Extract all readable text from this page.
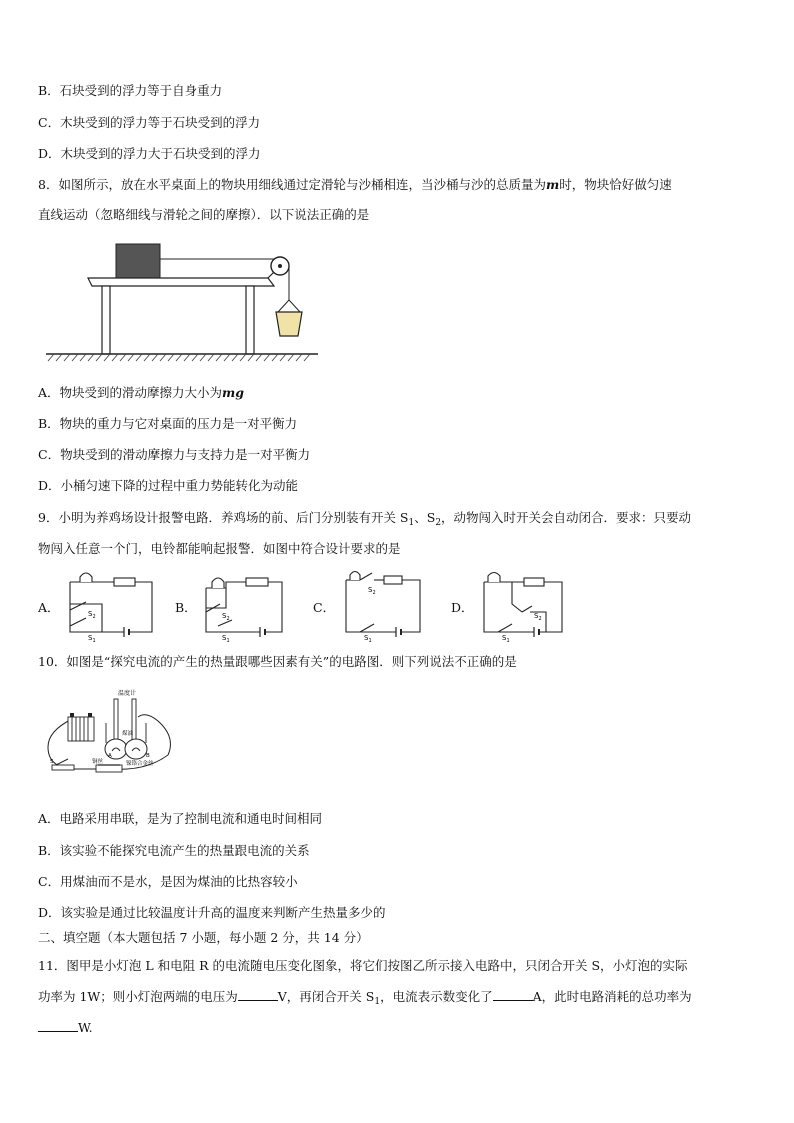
B．石块受到的浮力等于自身重力
C．木块受到的浮力等于石块受到的浮力
D．木块受到的浮力大于石块受到的浮力
8．如图所示，放在水平桌面上的物块用细线通过定滑轮与沙桶相连，当沙桶与沙的总质量为m时，物块恰好做匀速
直线运动（忽略细线与滑轮之间的摩擦）．以下说法正确的是
A．物块受到的滑动摩擦力大小为mg
B．物块的重力与它对桌面的压力是一对平衡力
C．物块受到的滑动摩擦力与支持力是一对平衡力
D．小桶匀速下降的过程中重力势能转化为动能
9．小明为养鸡场设计报警电路．养鸡场的前、后门分别装有开关 $S_1$、$S_2$，动物闯入时开关会自动闭合．要求：只要动
物闯入任意一个门，电铃都能响起报警．如图中符合设计要求的是
A．	B．	C．	D．
$S_2$
$S_1$
$S_2$
$S_1$
$S_2$
$S_1$
$S_2$
$S_1$
10．如图是“探究电流的产生的热量跟哪些因素有关”的电路图．则下列说法不正确的是
温度计
煤油
铜丝	镍铬合金丝
A	B
S
A．电路采用串联，是为了控制电流和通电时间相同
B．该实验不能探究电流产生的热量跟电流的关系
C．用煤油而不是水，是因为煤油的比热容较小
D．该实验是通过比较温度计升高的温度来判断产生热量多少的
二、填空题（本大题包括 7 小题，每小题 2 分，共 14 分）
11．图甲是小灯泡 L 和电阻 R 的电流随电压变化图象，将它们按图乙所示接入电路中，只闭合开关 S，小灯泡的实际
功率为 1W；则小灯泡两端的电压为	V，再闭合开关 $S_1$，电流表示数变化了	A，此时电路消耗的总功率为
W.
